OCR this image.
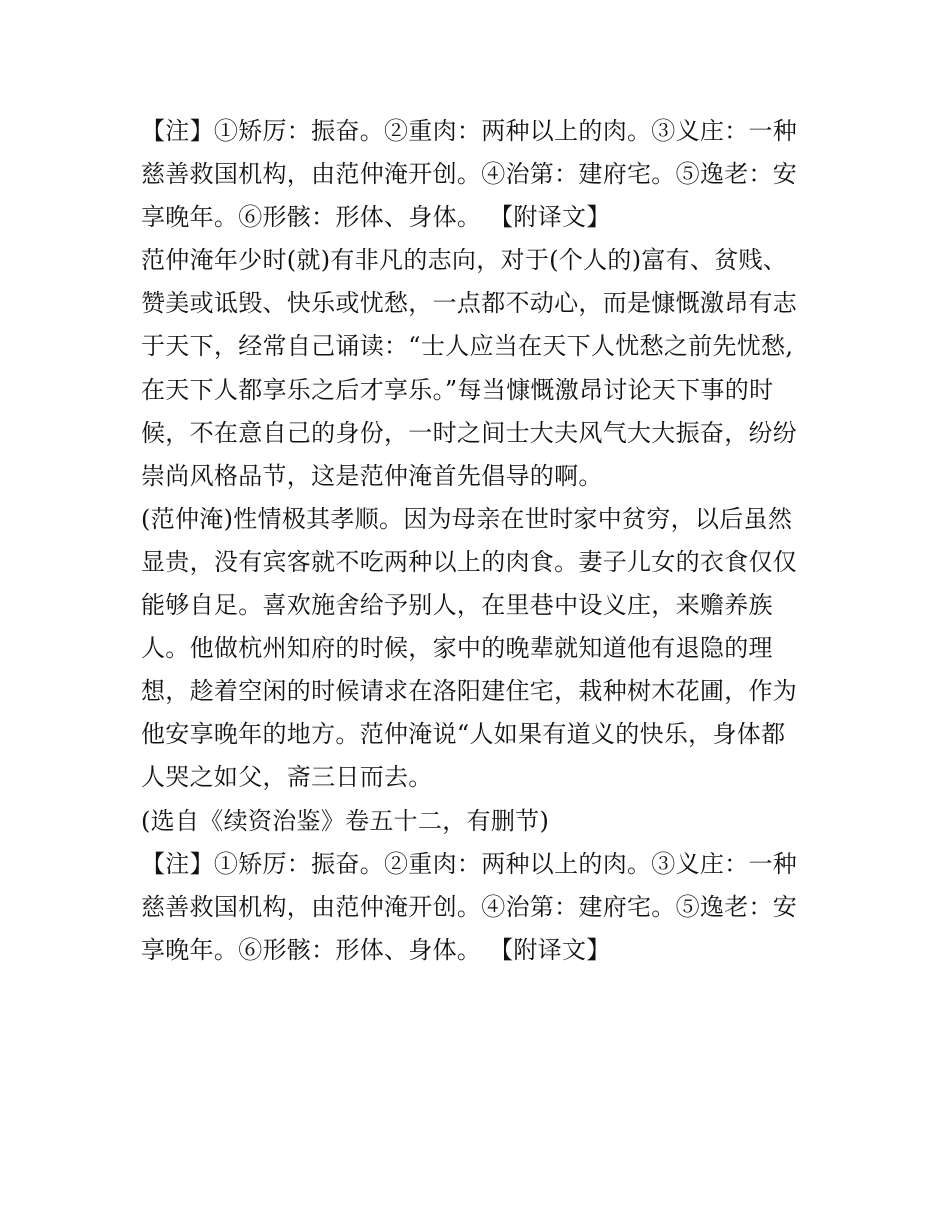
【注】①矫厉：振奋。②重肉：两种以上的肉。③义庄：一种
慈善救国机构，由范仲淹开创。④治第：建府宅。⑤逸老：安
享晚年。⑥形骸：形体、身体。 【附译文】
范仲淹年少时(就)有非凡的志向，对于(个人的)富有、贫贱、
赞美或诋毁、快乐或忧愁，一点都不动心，而是慷慨激昂有志
于天下，经常自己诵读：“士人应当在天下人忧愁之前先忧愁,
在天下人都享乐之后才享乐。”每当慷慨激昂讨论天下事的时
候，不在意自己的身份，一时之间士大夫风气大大振奋，纷纷
崇尚风格品节，这是范仲淹首先倡导的啊。
(范仲淹)性情极其孝顺。因为母亲在世时家中贫穷，以后虽然
显贵，没有宾客就不吃两种以上的肉食。妻子儿女的衣食仅仅
能够自足。喜欢施舍给予别人，在里巷中设义庄，来赡养族
人。他做杭州知府的时候，家中的晚辈就知道他有退隐的理
想，趁着空闲的时候请求在洛阳建住宅，栽种树木花圃，作为
他安享晚年的地方。范仲淹说“人如果有道义的快乐，身体都
人哭之如父，斋三日而去。
(选自《续资治鉴》卷五十二，有删节)
【注】①矫厉：振奋。②重肉：两种以上的肉。③义庄：一种
慈善救国机构，由范仲淹开创。④治第：建府宅。⑤逸老：安
享晚年。⑥形骸：形体、身体。 【附译文】
